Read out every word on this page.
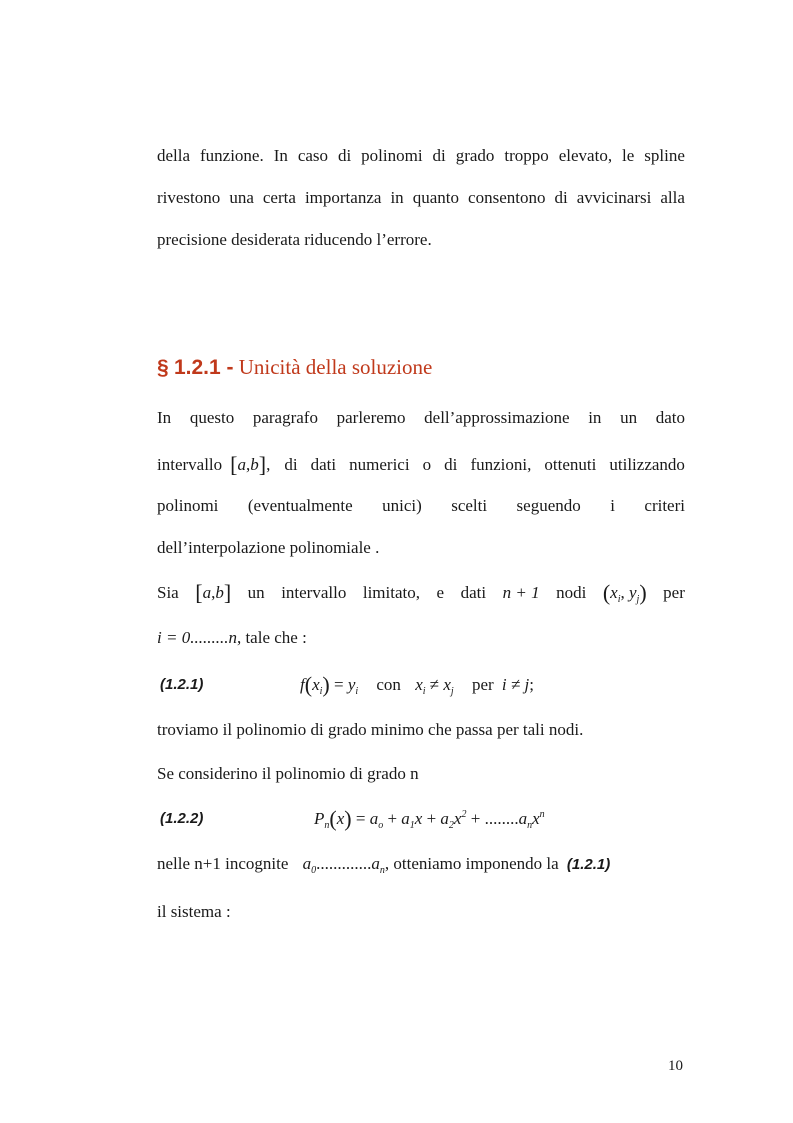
della funzione. In caso di polinomi di grado troppo elevato, le spline
rivestono una certa importanza in quanto consentono di avvicinarsi alla
precisione desiderata riducendo l’errore.
§ 1.2.1 - Unicità della soluzione
In questo paragrafo parleremo dell’approssimazione in un dato
intervallo [a,b], di dati numerici o di funzioni, ottenuti utilizzando
polinomi (eventualmente unici) scelti seguendo i criteri
dell’interpolazione polinomiale .
Sia [a,b] un intervallo limitato, e dati n + 1 nodi ($x_i$, $y_j$) per
i = 0.........n, tale che :
(1.2.1)	$f(x_i) = y_i$ con $x_i \ne x_j$ per i ≠ j;
troviamo il polinomio di grado minimo che passa per tali nodi.
Se considerino il polinomio di grado n
(1.2.2)	$P_n(x) = a_o + a_1x + a_2x^2 + ........a_nx^n$
nelle n+1 incognite $a_0.............a_n$, otteniamo imponendo la (1.2.1)
il sistema :
10
